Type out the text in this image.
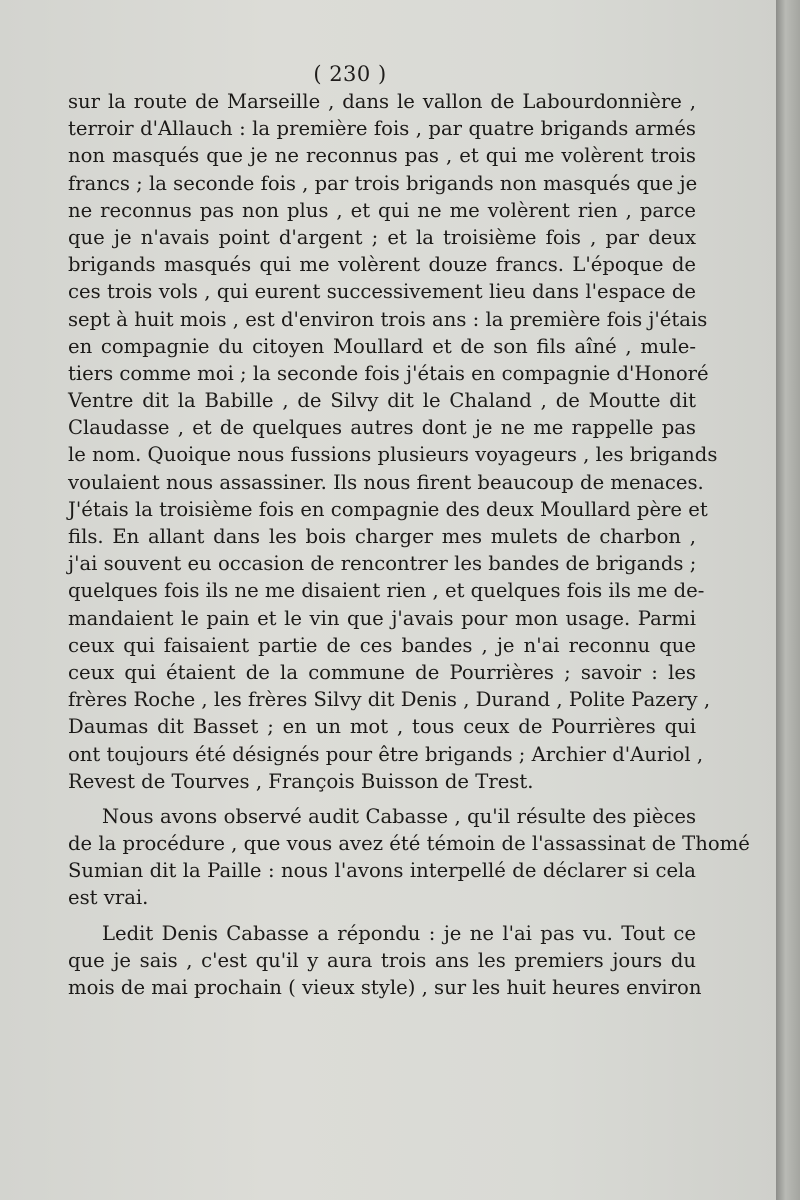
( 230 )
sur la route de Marseille , dans le vallon de Labourdonnière ,
terroir d'Allauch : la première fois , par quatre brigands armés
non masqués que je ne reconnus pas , et qui me volèrent trois
francs ; la seconde fois , par trois brigands non masqués que je
ne reconnus pas non plus , et qui ne me volèrent rien , parce
que je n'avais point d'argent ; et la troisième fois , par deux
brigands masqués qui me volèrent douze francs. L'époque de
ces trois vols , qui eurent successivement lieu dans l'espace de
sept à huit mois , est d'environ trois ans : la première fois j'étais
en compagnie du citoyen Moullard et de son fils aîné , mule-
tiers comme moi ; la seconde fois j'étais en compagnie d'Honoré
Ventre dit la Babille , de Silvy dit le Chaland , de Moutte dit
Claudasse , et de quelques autres dont je ne me rappelle pas
le nom. Quoique nous fussions plusieurs voyageurs , les brigands
voulaient nous assassiner. Ils nous firent beaucoup de menaces.
J'étais la troisième fois en compagnie des deux Moullard père et
fils. En allant dans les bois charger mes mulets de charbon ,
j'ai souvent eu occasion de rencontrer les bandes de brigands ;
quelques fois ils ne me disaient rien , et quelques fois ils me de-
mandaient le pain et le vin que j'avais pour mon usage. Parmi
ceux qui faisaient partie de ces bandes , je n'ai reconnu que
ceux qui étaient de la commune de Pourrières ; savoir : les
frères Roche , les frères Silvy dit Denis , Durand , Polite Pazery ,
Daumas dit Basset ; en un mot , tous ceux de Pourrières qui
ont toujours été désignés pour être brigands ; Archier d'Auriol ,
Revest de Tourves , François Buisson de Trest.
Nous avons observé audit Cabasse , qu'il résulte des pièces
de la procédure , que vous avez été témoin de l'assassinat de Thomé
Sumian dit la Paille : nous l'avons interpellé de déclarer si cela
est vrai.
Ledit Denis Cabasse a répondu : je ne l'ai pas vu. Tout ce
que je sais , c'est qu'il y aura trois ans les premiers jours du
mois de mai prochain ( vieux style) , sur les huit heures environ
